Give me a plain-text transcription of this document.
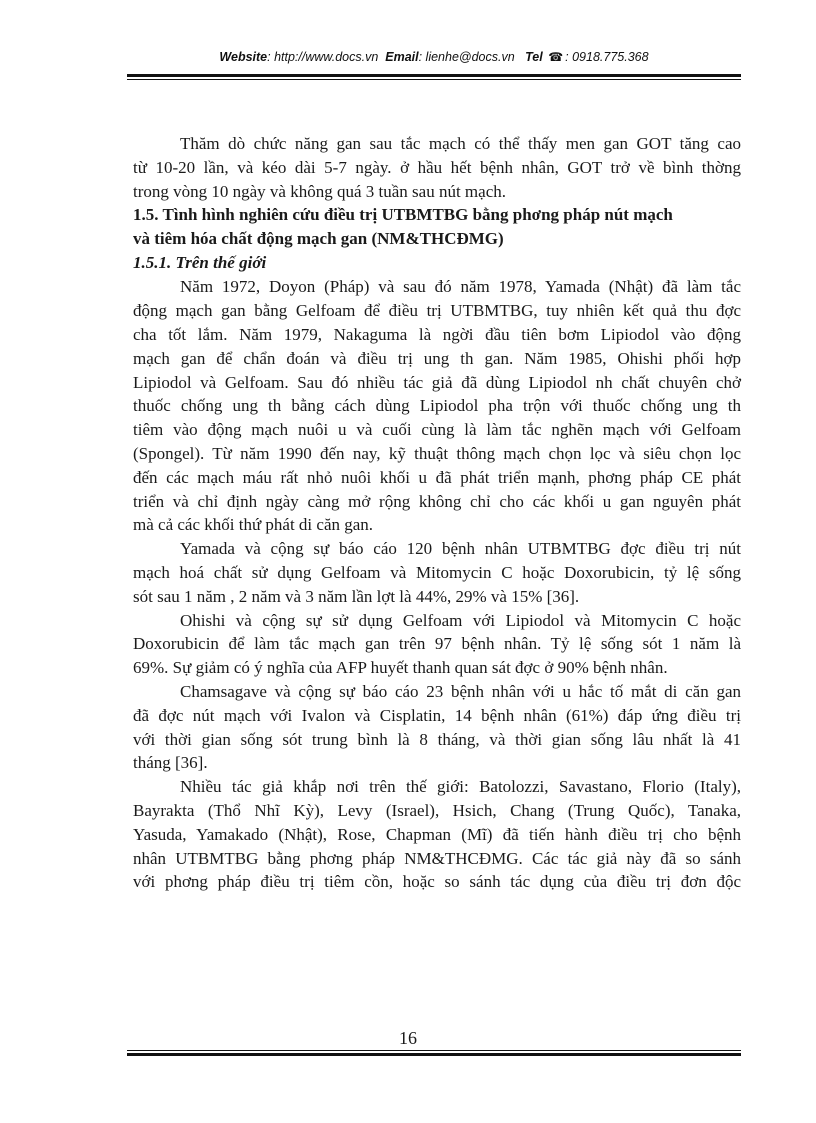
Website: http://www.docs.vn Email: lienhe@docs.vn Tel ☎ : 0918.775.368

Thăm dò chức năng gan sau tắc mạch có thể thấy men gan GOT tăng cao
từ 10-20 lần, và kéo dài 5-7 ngày. ở hầu hết bệnh nhân, GOT trở về bình thờng
trong vòng 10 ngày và không quá 3 tuần sau nút mạch.

1.5. Tình hình nghiên cứu điều trị UTBMTBG bằng phơng pháp nút mạch
và tiêm hóa chất động mạch gan (NM&THCĐMG)
1.5.1. Trên thế giới

Năm 1972, Doyon (Pháp) và sau đó năm 1978, Yamada (Nhật) đã làm tắc
động mạch gan bằng Gelfoam để điều trị UTBMTBG, tuy nhiên kết quả thu đợc
cha tốt lắm. Năm 1979, Nakaguma là ngời đầu tiên bơm Lipiodol vào động
mạch gan để chẩn đoán và điều trị ung th gan. Năm 1985, Ohishi phối hợp
Lipiodol và Gelfoam. Sau đó nhiều tác giả đã dùng Lipiodol nh chất chuyên chở
thuốc chống ung th bằng cách dùng Lipiodol pha trộn với thuốc chống ung th
tiêm vào động mạch nuôi u và cuối cùng là làm tắc nghẽn mạch với Gelfoam
(Spongel). Từ năm 1990 đến nay, kỹ thuật thông mạch chọn lọc và siêu chọn lọc
đến các mạch máu rất nhỏ nuôi khối u đã phát triển mạnh, phơng pháp CE phát
triển và chỉ định ngày càng mở rộng không chỉ cho các khối u gan nguyên phát
mà cả các khối thứ phát di căn gan.

Yamada và cộng sự báo cáo 120 bệnh nhân UTBMTBG đợc điều trị nút
mạch hoá chất sử dụng Gelfoam và Mitomycin C hoặc Doxorubicin, tỷ lệ sống
sót sau 1 năm , 2 năm và 3 năm lần lợt là 44%, 29% và 15% [36].

Ohishi và cộng sự sử dụng Gelfoam với Lipiodol và Mitomycin C hoặc
Doxorubicin để làm tắc mạch gan trên 97 bệnh nhân. Tỷ lệ sống sót 1 năm là
69%. Sự giảm có ý nghĩa của AFP huyết thanh quan sát đợc ở 90% bệnh nhân.

Chamsagave và cộng sự báo cáo 23 bệnh nhân với u hắc tố mắt di căn gan
đã đợc nút mạch với Ivalon và Cisplatin, 14 bệnh nhân (61%) đáp ứng điều trị
với thời gian sống sót trung bình là 8 tháng, và thời gian sống lâu nhất là 41
tháng [36].

Nhiều tác giả khắp nơi trên thế giới: Batolozzi, Savastano, Florio (Italy),
Bayrakta (Thổ Nhĩ Kỳ), Levy (Israel), Hsich, Chang (Trung Quốc), Tanaka,
Yasuda, Yamakado (Nhật), Rose, Chapman (Mĩ) đã tiến hành điều trị cho bệnh
nhân UTBMTBG bằng phơng pháp NM&THCĐMG. Các tác giả này đã so sánh
với phơng pháp điều trị tiêm cồn, hoặc so sánh tác dụng của điều trị đơn độc

16
